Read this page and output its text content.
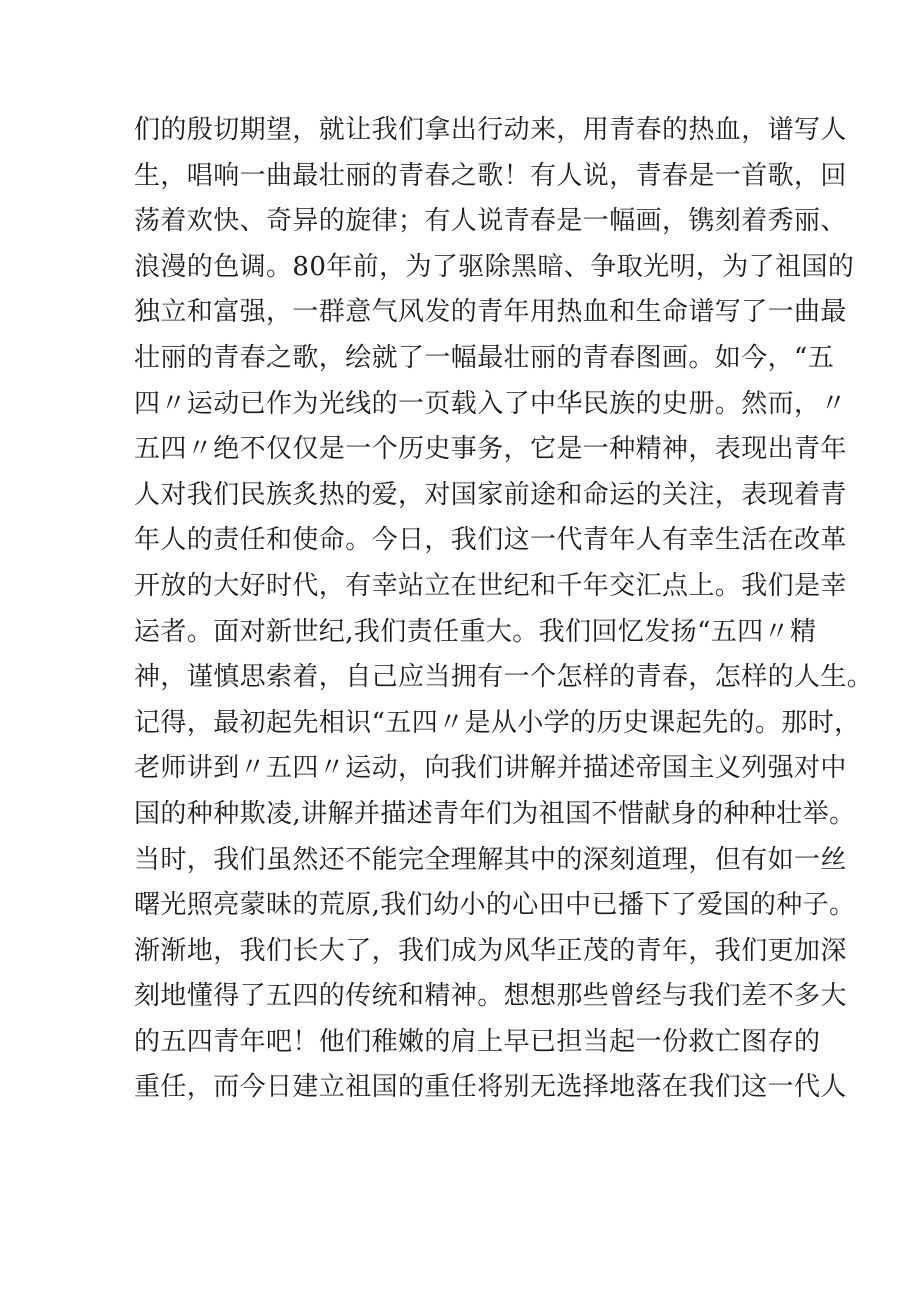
们的殷切期望，就让我们拿出行动来，用青春的热血，谱写人
生，唱响一曲最壮丽的青春之歌！有人说，青春是一首歌，回
荡着欢快、奇异的旋律；有人说青春是一幅画，镌刻着秀丽、
浪漫的色调。80年前，为了驱除黑暗、争取光明，为了祖国的
独立和富强，一群意气风发的青年用热血和生命谱写了一曲最
壮丽的青春之歌，绘就了一幅最壮丽的青春图画。如今，“五
四〃运动已作为光线的一页载入了中华民族的史册。然而，〃
五四〃绝不仅仅是一个历史事务，它是一种精神，表现出青年
人对我们民族炙热的爱，对国家前途和命运的关注，表现着青
年人的责任和使命。今日，我们这一代青年人有幸生活在改革
开放的大好时代，有幸站立在世纪和千年交汇点上。我们是幸
运者。面对新世纪,我们责任重大。我们回忆发扬“五四〃精
神，谨慎思索着，自己应当拥有一个怎样的青春，怎样的人生。
记得，最初起先相识“五四〃是从小学的历史课起先的。那时，
老师讲到〃五四〃运动，向我们讲解并描述帝国主义列强对中
国的种种欺凌,讲解并描述青年们为祖国不惜献身的种种壮举。
当时，我们虽然还不能完全理解其中的深刻道理，但有如一丝
曙光照亮蒙昧的荒原,我们幼小的心田中已播下了爱国的种子。
渐渐地，我们长大了，我们成为风华正茂的青年，我们更加深
刻地懂得了五四的传统和精神。想想那些曾经与我们差不多大
的五四青年吧！他们稚嫩的肩上早已担当起一份救亡图存的
重任，而今日建立祖国的重任将别无选择地落在我们这一代人
